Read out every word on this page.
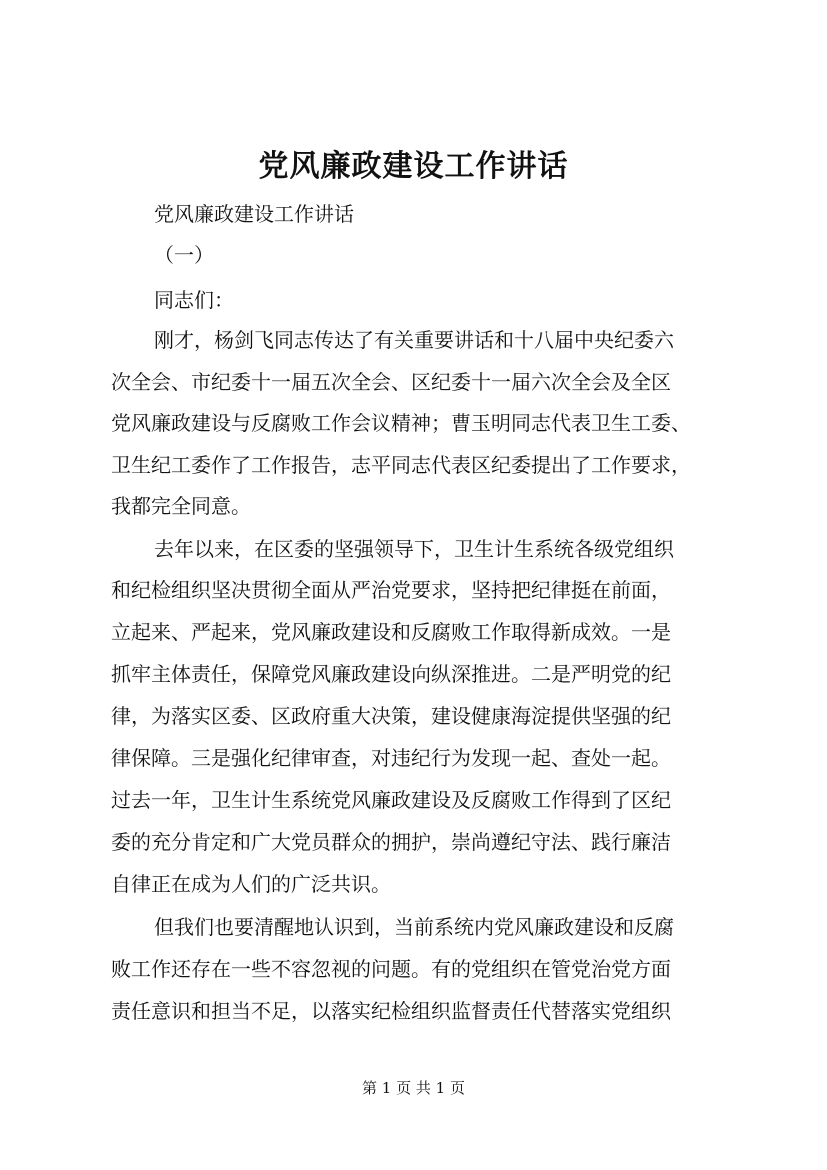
党风廉政建设工作讲话
党风廉政建设工作讲话
（一）
同志们：
刚才，杨剑飞同志传达了有关重要讲话和十八届中央纪委六
次全会、市纪委十一届五次全会、区纪委十一届六次全会及全区
党风廉政建设与反腐败工作会议精神；曹玉明同志代表卫生工委、
卫生纪工委作了工作报告，志平同志代表区纪委提出了工作要求，
我都完全同意。
去年以来，在区委的坚强领导下，卫生计生系统各级党组织
和纪检组织坚决贯彻全面从严治党要求，坚持把纪律挺在前面，
立起来、严起来，党风廉政建设和反腐败工作取得新成效。一是
抓牢主体责任，保障党风廉政建设向纵深推进。二是严明党的纪
律，为落实区委、区政府重大决策，建设健康海淀提供坚强的纪
律保障。三是强化纪律审查，对违纪行为发现一起、查处一起。
过去一年，卫生计生系统党风廉政建设及反腐败工作得到了区纪
委的充分肯定和广大党员群众的拥护，崇尚遵纪守法、践行廉洁
自律正在成为人们的广泛共识。
但我们也要清醒地认识到，当前系统内党风廉政建设和反腐
败工作还存在一些不容忽视的问题。有的党组织在管党治党方面
责任意识和担当不足，以落实纪检组织监督责任代替落实党组织
第 1 页 共 1 页
